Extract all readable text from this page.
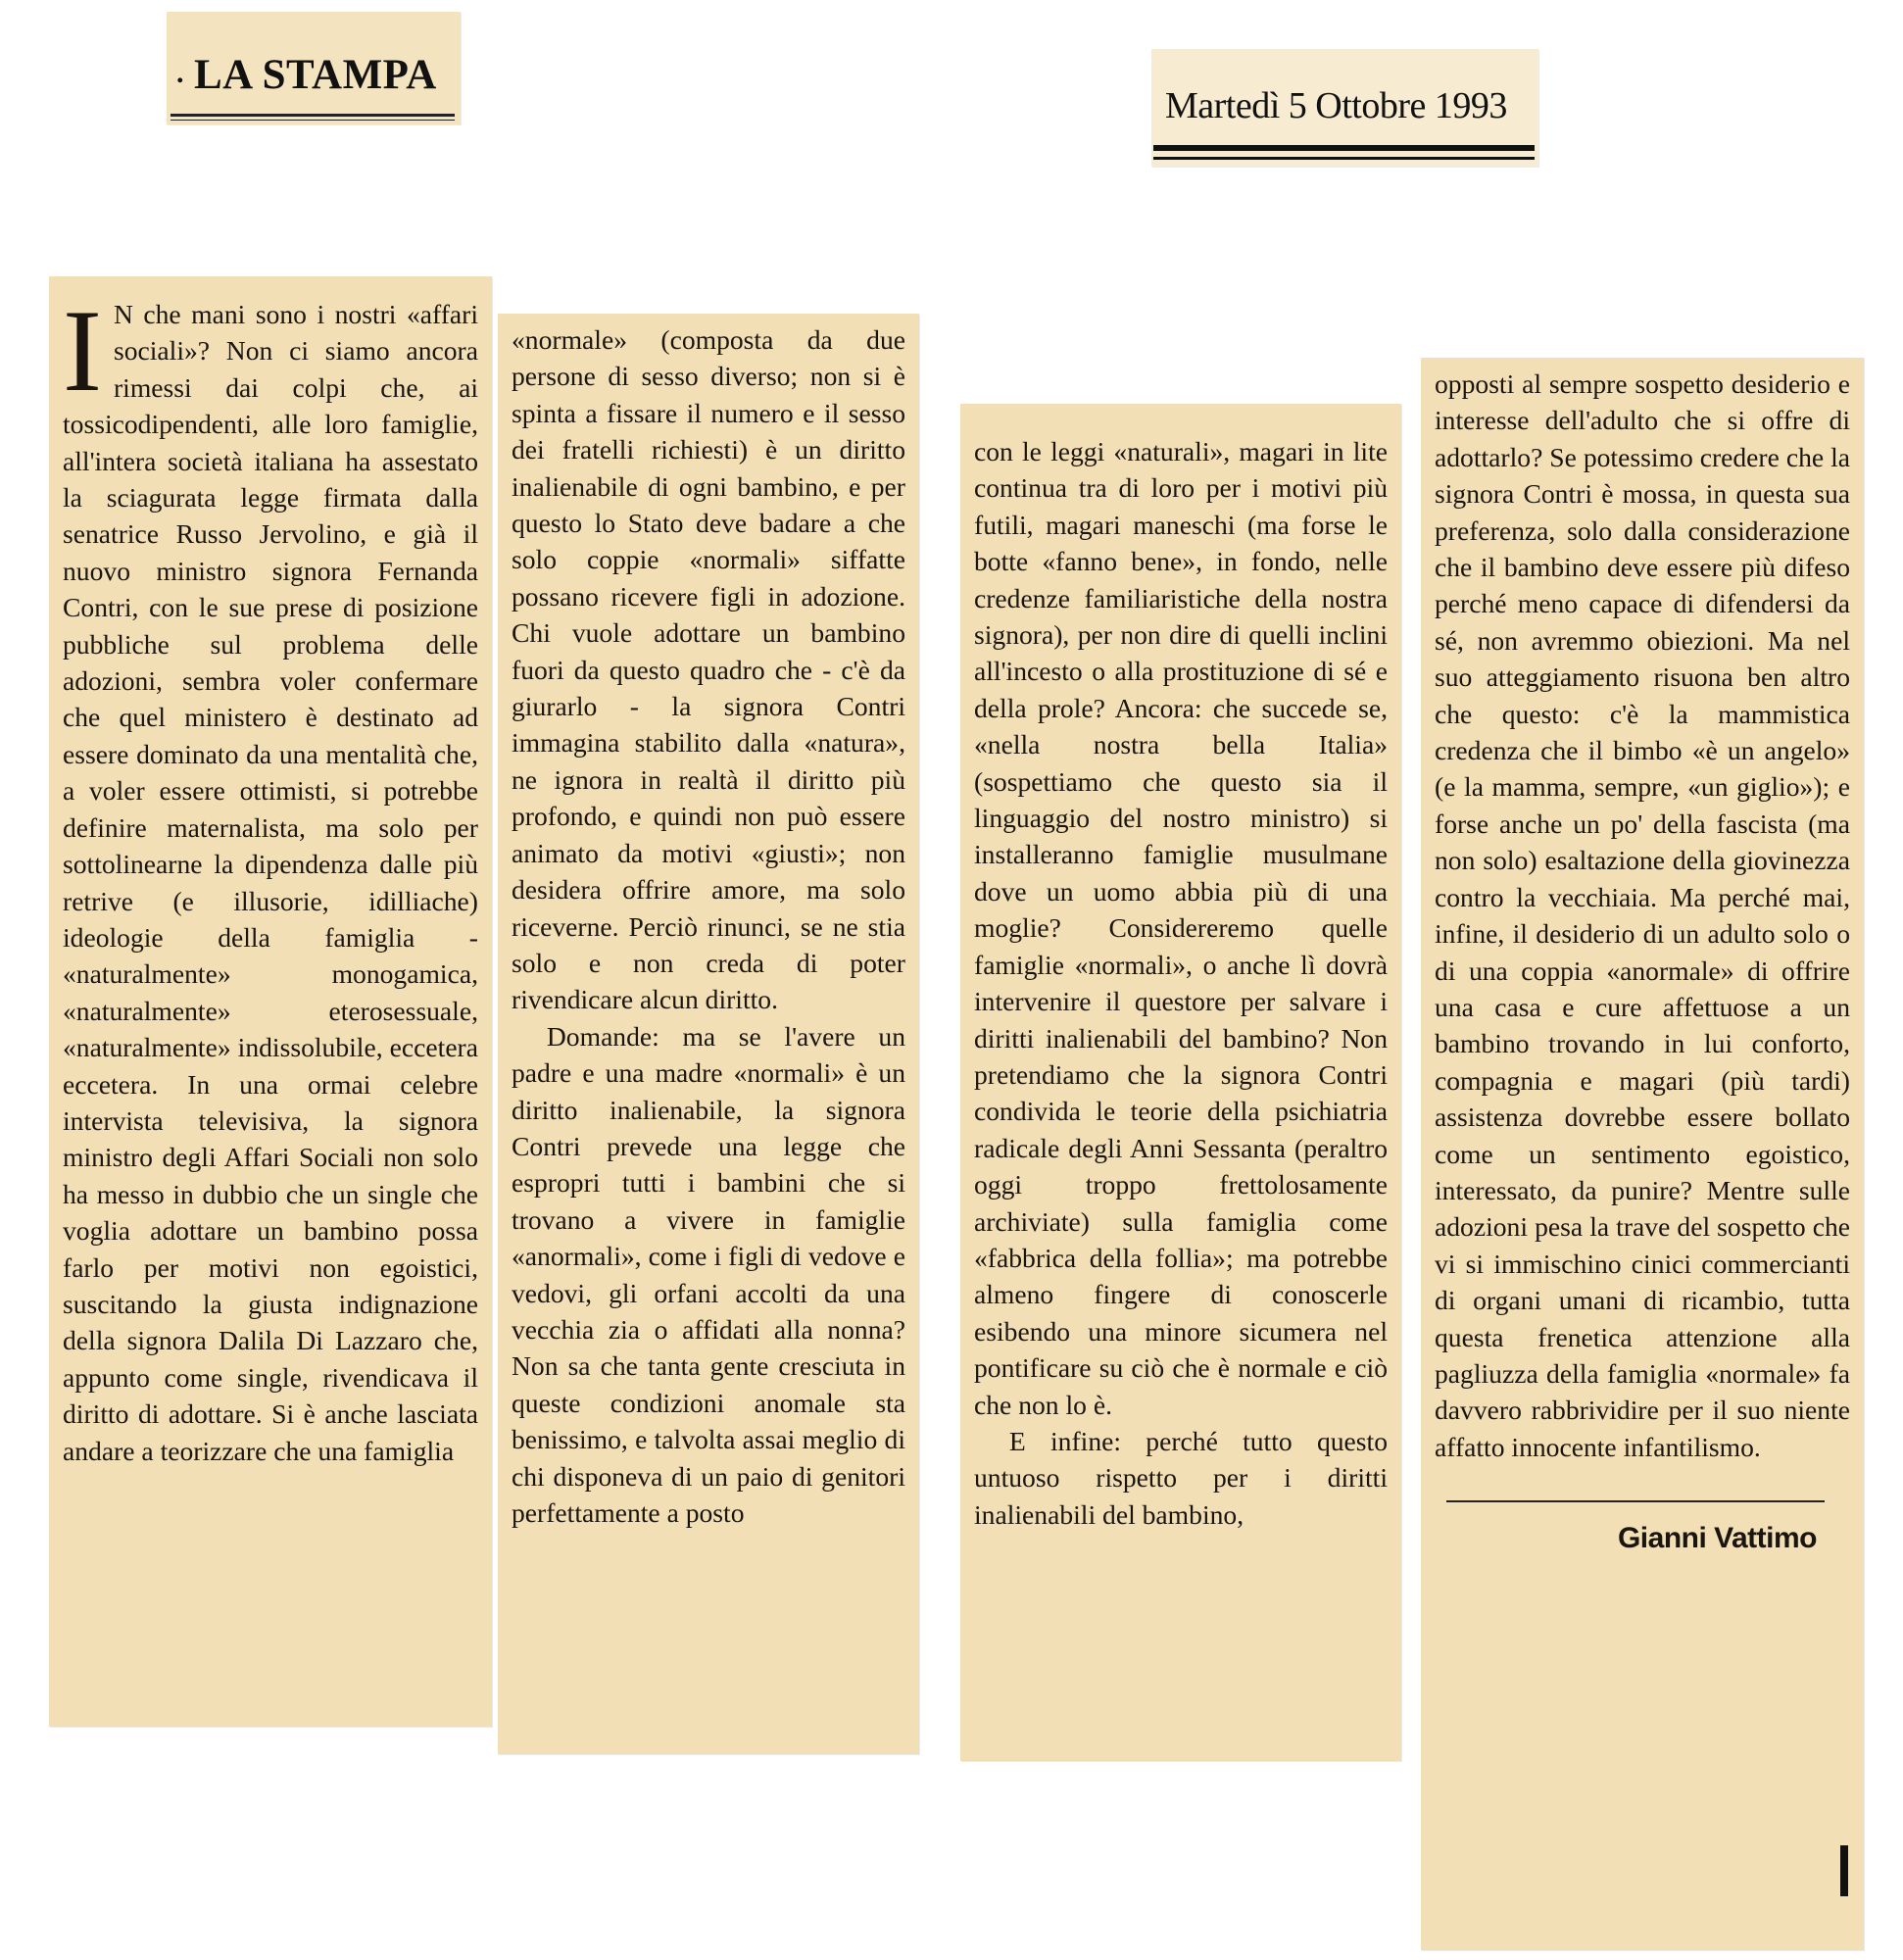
. LA STAMPA
Martedì 5 Ottobre 1993

I N che mani sono i nostri «affari sociali»? Non ci siamo ancora rimessi dai colpi che, ai tossicodipendenti, alle loro famiglie, all'intera società italiana ha assestato la sciagurata legge firmata dalla senatrice Russo Jervolino, e già il nuovo ministro signora Fernanda Contri, con le sue prese di posizione pubbliche sul problema delle adozioni, sembra voler confermare che quel ministero è destinato ad essere dominato da una mentalità che, a voler essere ottimisti, si potrebbe definire maternalista, ma solo per sottolinearne la dipendenza dalle più retrive (e illusorie, idilliache) ideologie della famiglia - «naturalmente» monogamica, «naturalmente» eterosessuale, «naturalmente» indissolubile, eccetera eccetera. In una ormai celebre intervista televisiva, la signora ministro degli Affari Sociali non solo ha messo in dubbio che un single che voglia adottare un bambino possa farlo per motivi non egoistici, suscitando la giusta indignazione della signora Dalila Di Lazzaro che, appunto come single, rivendicava il diritto di adottare. Si è anche lasciata andare a teorizzare che una famiglia

«normale» (composta da due persone di sesso diverso; non si è spinta a fissare il numero e il sesso dei fratelli richiesti) è un diritto inalienabile di ogni bambino, e per questo lo Stato deve badare a che solo coppie «normali» siffatte possano ricevere figli in adozione. Chi vuole adottare un bambino fuori da questo quadro che - c'è da giurarlo - la signora Contri immagina stabilito dalla «natura», ne ignora in realtà il diritto più profondo, e quindi non può essere animato da motivi «giusti»; non desidera offrire amore, ma solo riceverne. Perciò rinunci, se ne stia solo e non creda di poter rivendicare alcun diritto.

Domande: ma se l'avere un padre e una madre «normali» è un diritto inalienabile, la signora Contri prevede una legge che espropri tutti i bambini che si trovano a vivere in famiglie «anormali», come i figli di vedove e vedovi, gli orfani accolti da una vecchia zia o affidati alla nonna? Non sa che tanta gente cresciuta in queste condizioni anomale sta benissimo, e talvolta assai meglio di chi disponeva di un paio di genitori perfettamente a posto

con le leggi «naturali», magari in lite continua tra di loro per i motivi più futili, magari maneschi (ma forse le botte «fanno bene», in fondo, nelle credenze familiaristiche della nostra signora), per non dire di quelli inclini all'incesto o alla prostituzione di sé e della prole? Ancora: che succede se, «nella nostra bella Italia» (sospettiamo che questo sia il linguaggio del nostro ministro) si installeranno famiglie musulmane dove un uomo abbia più di una moglie? Considereremo quelle famiglie «normali», o anche lì dovrà intervenire il questore per salvare i diritti inalienabili del bambino? Non pretendiamo che la signora Contri condivida le teorie della psichiatria radicale degli Anni Sessanta (peraltro oggi troppo frettolosamente archiviate) sulla famiglia come «fabbrica della follia»; ma potrebbe almeno fingere di conoscerle esibendo una minore sicumera nel pontificare su ciò che è normale e ciò che non lo è.

E infine: perché tutto questo untuoso rispetto per i diritti inalienabili del bambino,

opposti al sempre sospetto desiderio e interesse dell'adulto che si offre di adottarlo? Se potessimo credere che la signora Contri è mossa, in questa sua preferenza, solo dalla considerazione che il bambino deve essere più difeso perché meno capace di difendersi da sé, non avremmo obiezioni. Ma nel suo atteggiamento risuona ben altro che questo: c'è la mammistica credenza che il bimbo «è un angelo» (e la mamma, sempre, «un giglio»); e forse anche un po' della fascista (ma non solo) esaltazione della giovinezza contro la vecchiaia. Ma perché mai, infine, il desiderio di un adulto solo o di una coppia «anormale» di offrire una casa e cure affettuose a un bambino trovando in lui conforto, compagnia e magari (più tardi) assistenza dovrebbe essere bollato come un sentimento egoistico, interessato, da punire? Mentre sulle adozioni pesa la trave del sospetto che vi si immischino cinici commercianti di organi umani di ricambio, tutta questa frenetica attenzione alla pagliuzza della famiglia «normale» fa davvero rabbrividire per il suo niente affatto innocente infantilismo.

Gianni Vattimo
